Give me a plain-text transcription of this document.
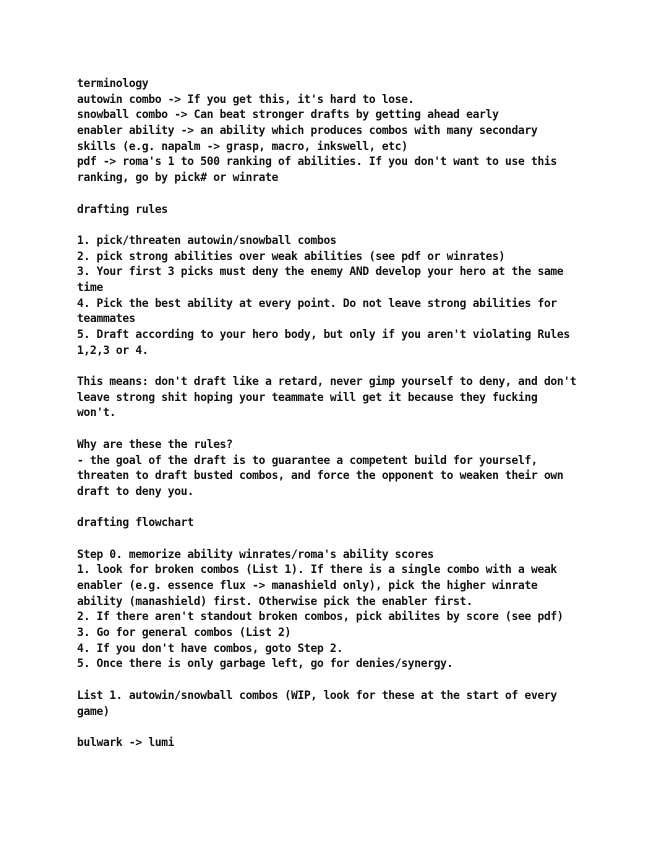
terminology

autowin combo -> If you get this, it's hard to lose.

snowball combo -> Can beat stronger drafts by getting ahead early

enabler ability -> an ability which produces combos with many secondary

skills (e.g. napalm -> grasp, macro, inkswell, etc)

pdf -> roma's 1 to 500 ranking of abilities. If you don't want to use this

ranking, go by pick# or winrate

drafting rules

1. pick/threaten autowin/snowball combos

2. pick strong abilities over weak abilities (see pdf or winrates)

3. Your first 3 picks must deny the enemy AND develop your hero at the same

time

4. Pick the best ability at every point. Do not leave strong abilities for

teammates

5. Draft according to your hero body, but only if you aren't violating Rules

1,2,3 or 4.

This means: don't draft like a retard, never gimp yourself to deny, and don't

leave strong shit hoping your teammate will get it because they fucking

won't.

Why are these the rules?

- the goal of the draft is to guarantee a competent build for yourself,

threaten to draft busted combos, and force the opponent to weaken their own

draft to deny you.

drafting flowchart

Step 0. memorize ability winrates/roma's ability scores

1. look for broken combos (List 1). If there is a single combo with a weak

enabler (e.g. essence flux -> manashield only), pick the higher winrate

ability (manashield) first. Otherwise pick the enabler first.

2. If there aren't standout broken combos, pick abilites by score (see pdf)

3. Go for general combos (List 2)

4. If you don't have combos, goto Step 2.

5. Once there is only garbage left, go for denies/synergy.

List 1. autowin/snowball combos (WIP, look for these at the start of every

game)

bulwark -> lumi
